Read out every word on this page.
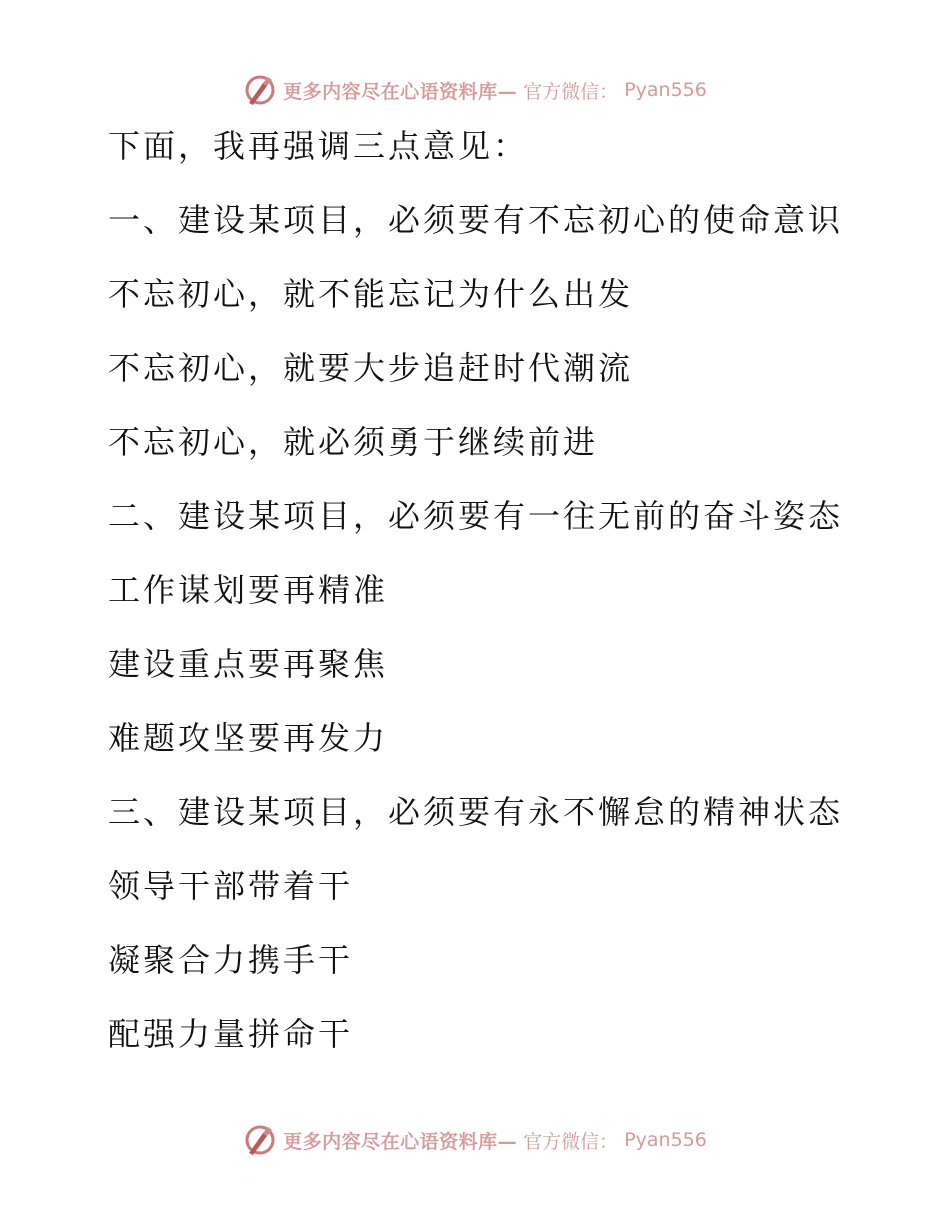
更多内容尽在心语资料库— 官方微信： Pyan556
下面，我再强调三点意见：
一、建设某项目，必须要有不忘初心的使命意识
不忘初心，就不能忘记为什么出发
不忘初心，就要大步追赶时代潮流
不忘初心，就必须勇于继续前进
二、建设某项目，必须要有一往无前的奋斗姿态
工作谋划要再精准
建设重点要再聚焦
难题攻坚要再发力
三、建设某项目，必须要有永不懈怠的精神状态
领导干部带着干
凝聚合力携手干
配强力量拼命干
更多内容尽在心语资料库— 官方微信： Pyan556
